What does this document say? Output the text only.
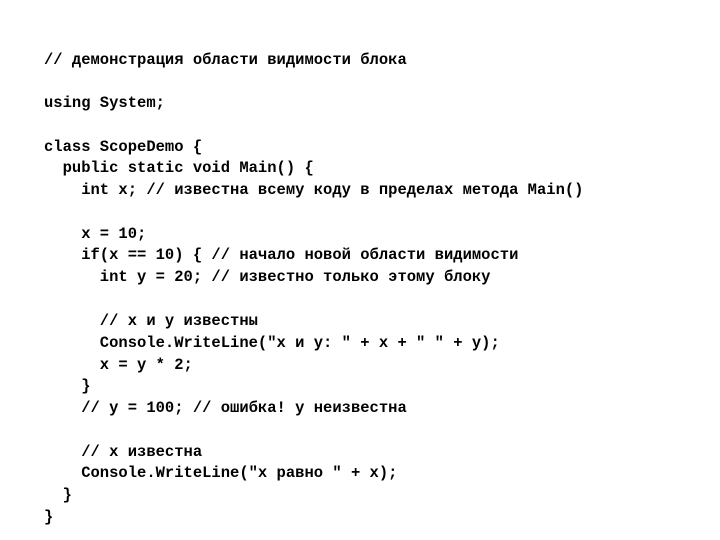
// демонстрация области видимости блока
using System;
class ScopeDemo {
public static void Main() {
int x; // известна всему коду в пределах метода Main()
x = 10;
if(x == 10) { // начало новой области видимости
int y = 20; // известно только этому блоку
// x и y известны
Console.WriteLine("x и y: " + x + " " + y);
x = y * 2;
}
// y = 100; // ошибка! y неизвестна
// x известна
Console.WriteLine("x равно " + x);
}
}
